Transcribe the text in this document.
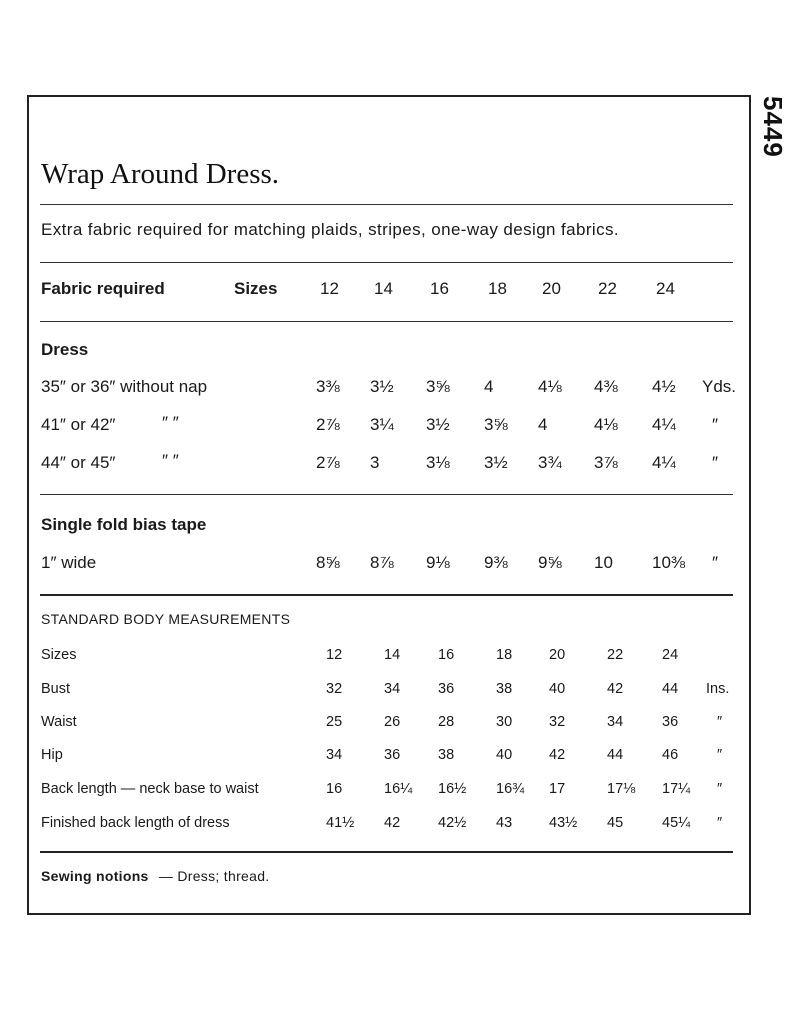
5449
Wrap Around Dress.
Extra fabric required for matching plaids, stripes, one-way design fabrics.
Fabric required	Sizes	12 14 16 18 20 22 24
Dress
35″ or 36″ without nap	3⅜ 3½ 3⅝ 4	4⅛ 4⅜ 4½ Yds.
41″ or 42″	″ ″	2⅞ 3¼ 3½ 3⅝ 4	4⅛ 4¼ ″
44″ or 45″	″ ″	2⅞ 3	3⅛ 3½ 3¾ 3⅞ 4¼ ″
Single fold bias tape
1″ wide	8⅝ 8⅞ 9⅛ 9⅜ 9⅝ 10 10⅜ ″
STANDARD BODY MEASUREMENTS
Sizes	12	14	16	18	20	22	24
Bust	32	34	36	38	40	42	44 Ins.
Waist	25	26	28	30	32	34	36	″
Hip	34	36	38	40	42	44	46	″
Back length — neck base to waist	16	16¼ 16½ 16¾ 17	17⅛ 17¼ ″
Finished back length of dress	41½ 42	42½ 43	43½ 45	45¼ ″
Sewing notions — Dress; thread.
